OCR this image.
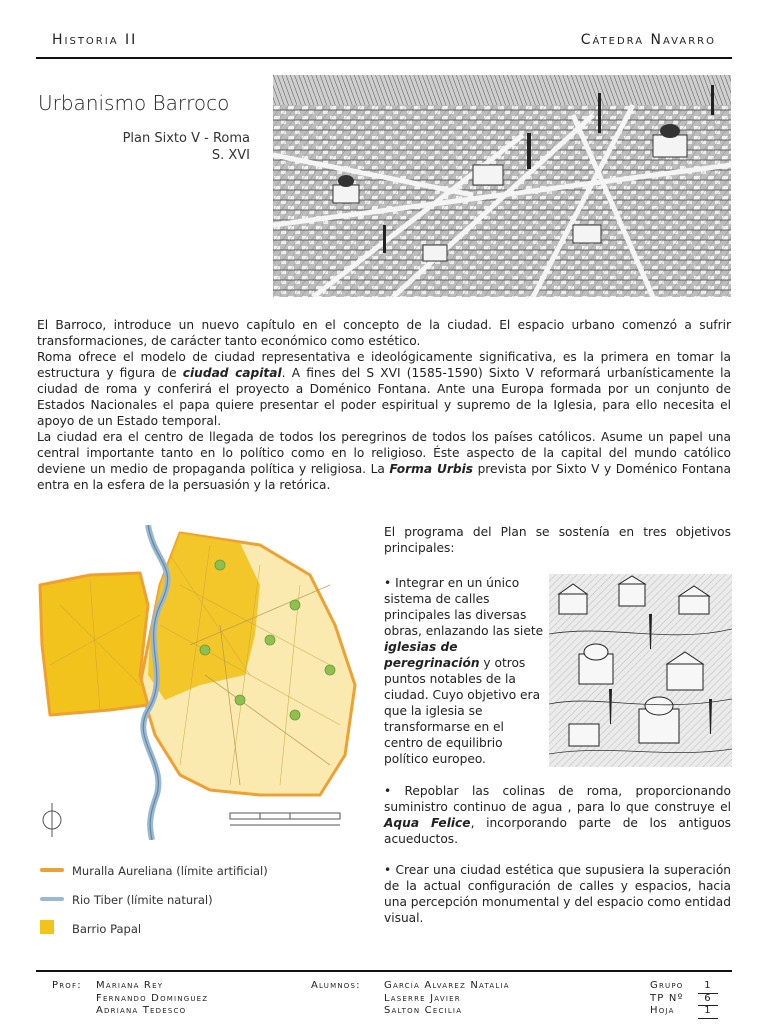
Historia II	Cátedra Navarro
Urbanismo Barroco
Plan Sixto V - Roma
S. XVI

El Barroco, introduce un nuevo capítulo en el concepto de la ciudad. El espacio urbano comenzó a sufrir transformaciones, de carácter tanto económico como estético.

Roma ofrece el modelo de ciudad representativa e ideológicamente significativa, es la primera en tomar la estructura y figura de ciudad capital. A fines del S XVI (1585-1590) Sixto V reformará urbanísticamente la ciudad de roma y conferirá el proyecto a Doménico Fontana. Ante una Europa formada por un conjunto de Estados Nacionales el papa quiere presentar el poder espiritual y supremo de la Iglesia, para ello necesita el apoyo de un Estado temporal.

La ciudad era el centro de llegada de todos los peregrinos de todos los países católicos. Asume un papel una central importante tanto en lo político como en lo religioso. Éste aspecto de la capital del mundo católico deviene un medio de propaganda política y religiosa. La Forma Urbis prevista por Sixto V y Doménico Fontana entra en la esfera de la persuasión y la retórica.

Muralla Aureliana (límite artificial)
Rio Tiber (límite natural)
Barrio Papal
El programa del Plan se sostenía en tres objetivos principales:
• Integrar en un único sistema de calles principales las diversas obras, enlazando las siete iglesias de peregrinación y otros puntos notables de la ciudad. Cuyo objetivo era que la iglesia se transformarse en el centro de equilibrio político europeo.
• Repoblar las colinas de roma, proporcionando suministro continuo de agua , para lo que construye el Aqua Felice, incorporando parte de los antiguos acueductos.
• Crear una ciudad estética que supusiera la superación de la actual configuración de calles y espacios, hacia una percepción monumental y del espacio como entidad visual.
Prof: Mariana Rey
Fernando Dominguez
Adriana Tedesco
Alumnos: García Alvarez Natalia
Laserre Javier
Salton Cecilia
Grupo	1
TP Nº	6
Hoja	1
